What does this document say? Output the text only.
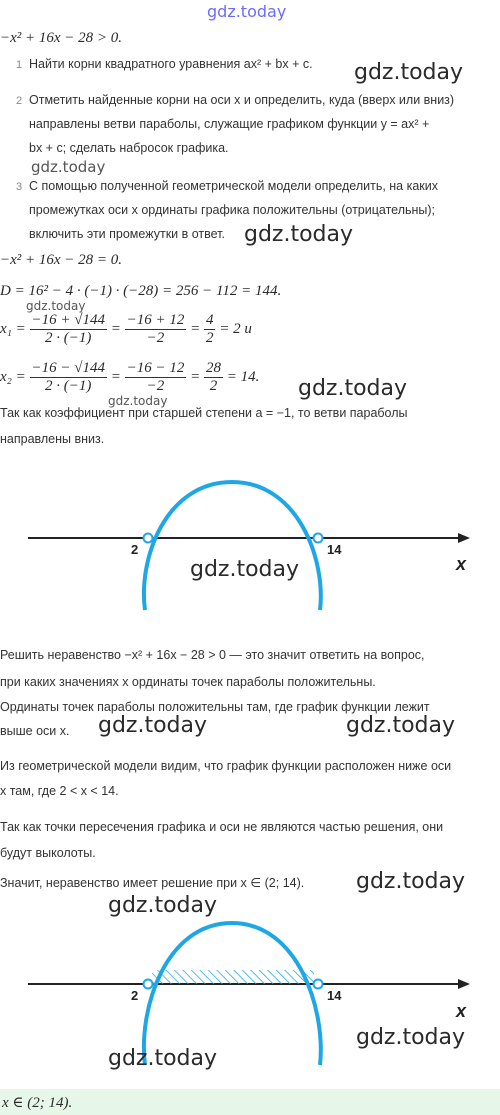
gdz.today
−x² + 16x − 28 > 0.
1 Найти корни квадратного уравнения ax² + bx + c. gdz.today
2 Отметить найденные корни на оси x и определить, куда (вверх или вниз)
направлены ветви параболы, служащие графиком функции y = ax² +
bx + c; сделать набросок графика.
gdz.today
3 С помощью полученной геометрической модели определить, на каких
промежутках оси x ординаты графика положительны (отрицательны);
включить эти промежутки в ответ. gdz.today
−x² + 16x − 28 = 0.
D = 16² − 4 · (−1) · (−28) = 256 − 112 = 144.
gdz.today
$x_1 = \frac{-16 + √144}{2 \cdot (-1)} = \frac{-16 + 12}{-2} = \frac{4}{2} = 2$ и
$x_2 = \frac{-16 - √144}{2 \cdot (-1)} = \frac{-16 - 12}{-2} = \frac{28}{2} = 14$.
gdz.today	gdz.today
Так как коэффициент при старшей степени a = −1, то ветви параболы
направлены вниз.
2	14
x
gdz.today
Решить неравенство −x² + 16x − 28 > 0 — это значит ответить на вопрос,
при каких значениях x ординаты точек параболы положительны.
Ординаты точек параболы положительны там, где график функции лежит
выше оси x. gdz.today	gdz.today
Из геометрической модели видим, что график функции расположен ниже оси
x там, где 2 < x < 14.
Так как точки пересечения графика и оси не являются частью решения, они
будут выколоты.
Значит, неравенство имеет решение при x ∈ (2; 14). gdz.today
gdz.today
2	14
x
gdz.today
gdz.today
x ∈ (2; 14).
